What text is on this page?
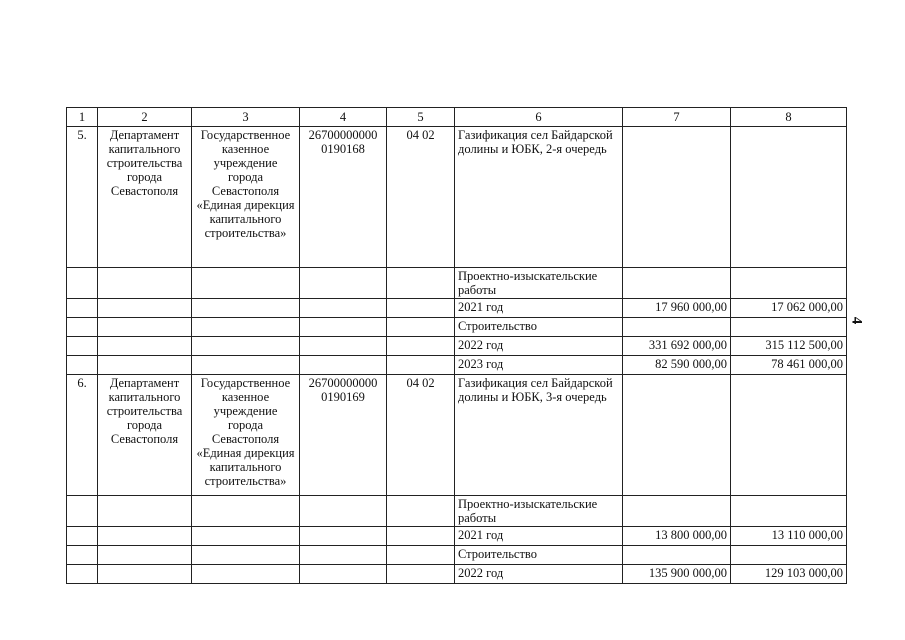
4
1	2	3	4	5	6	7	8
5.	Департамент капитального строительства города Севастополя	Государственное казенное учреждение города Севастополя «Единая дирекция капитального строительства»	26700000000 0190168	04 02	Газификация сел Байдарской долины и ЮБК, 2-я очередь		
					Проектно-изыскательские работы		
					2021 год	17 960 000,00	17 062 000,00
					Строительство		
					2022 год	331 692 000,00	315 112 500,00
					2023 год	82 590 000,00	78 461 000,00
6.	Департамент капитального строительства города Севастополя	Государственное казенное учреждение города Севастополя «Единая дирекция капитального строительства»	26700000000 0190169	04 02	Газификация сел Байдарской долины и ЮБК, 3-я очередь		
					Проектно-изыскательские работы		
					2021 год	13 800 000,00	13 110 000,00
					Строительство		
					2022 год	135 900 000,00	129 103 000,00
